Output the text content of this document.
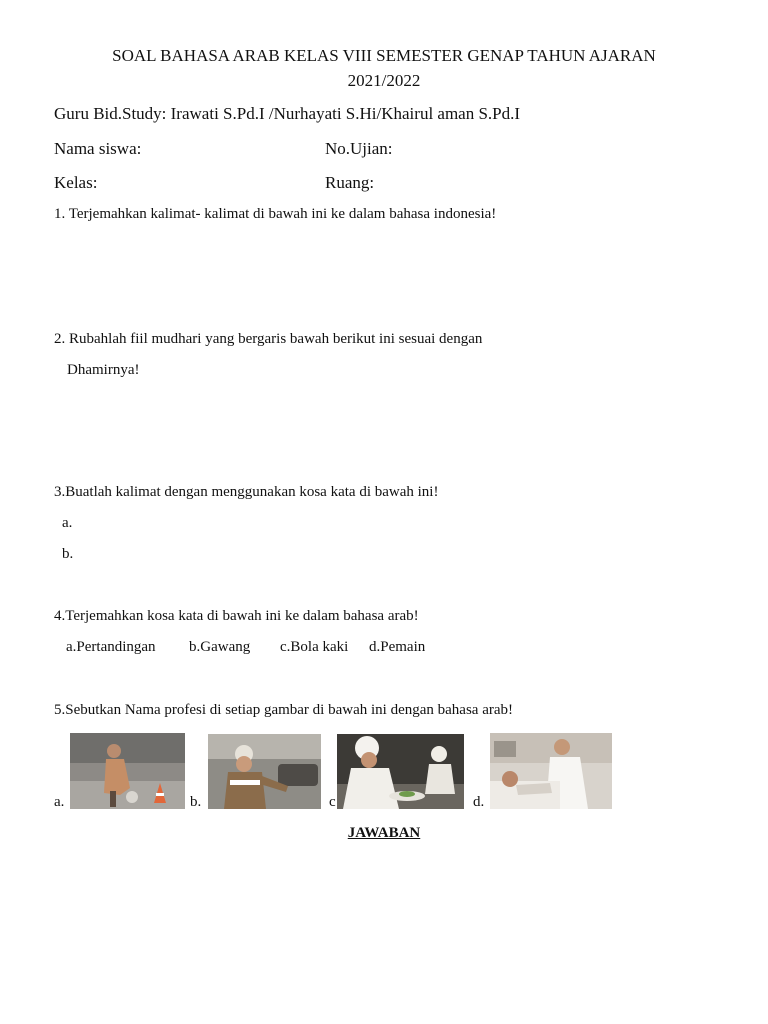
SOAL BAHASA ARAB KELAS VIII SEMESTER GENAP TAHUN AJARAN
2021/2022
Guru Bid.Study: Irawati S.Pd.I /Nurhayati S.Hi/Khairul aman S.Pd.I
Nama siswa:	No.Ujian:
Kelas:	Ruang:
1. Terjemahkan kalimat- kalimat di bawah ini ke dalam bahasa indonesia!
2. Rubahlah fiil mudhari yang bergaris bawah berikut ini sesuai dengan
Dhamirnya!
3.Buatlah kalimat dengan menggunakan kosa kata di bawah ini!
a.
b.
4.Terjemahkan kosa kata di bawah ini ke dalam bahasa arab!
a.Pertandingan b.Gawang c.Bola kaki d.Pemain
5.Sebutkan Nama profesi di setiap gambar di bawah ini dengan bahasa arab!
a.	b.	c	d.
JAWABAN
